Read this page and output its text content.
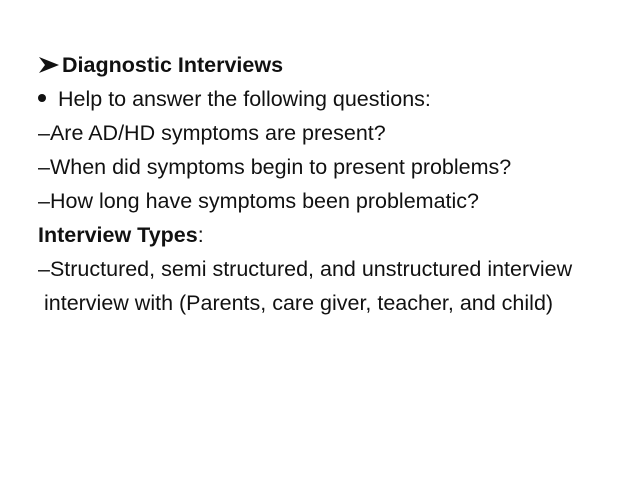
Diagnostic Interviews
Help to answer the following questions:
–Are AD/HD symptoms are present?
–When did symptoms begin to present problems?
–How long have symptoms been problematic?
Interview Types:
–Structured, semi structured, and unstructured interview
interview with (Parents, care giver, teacher, and child)
